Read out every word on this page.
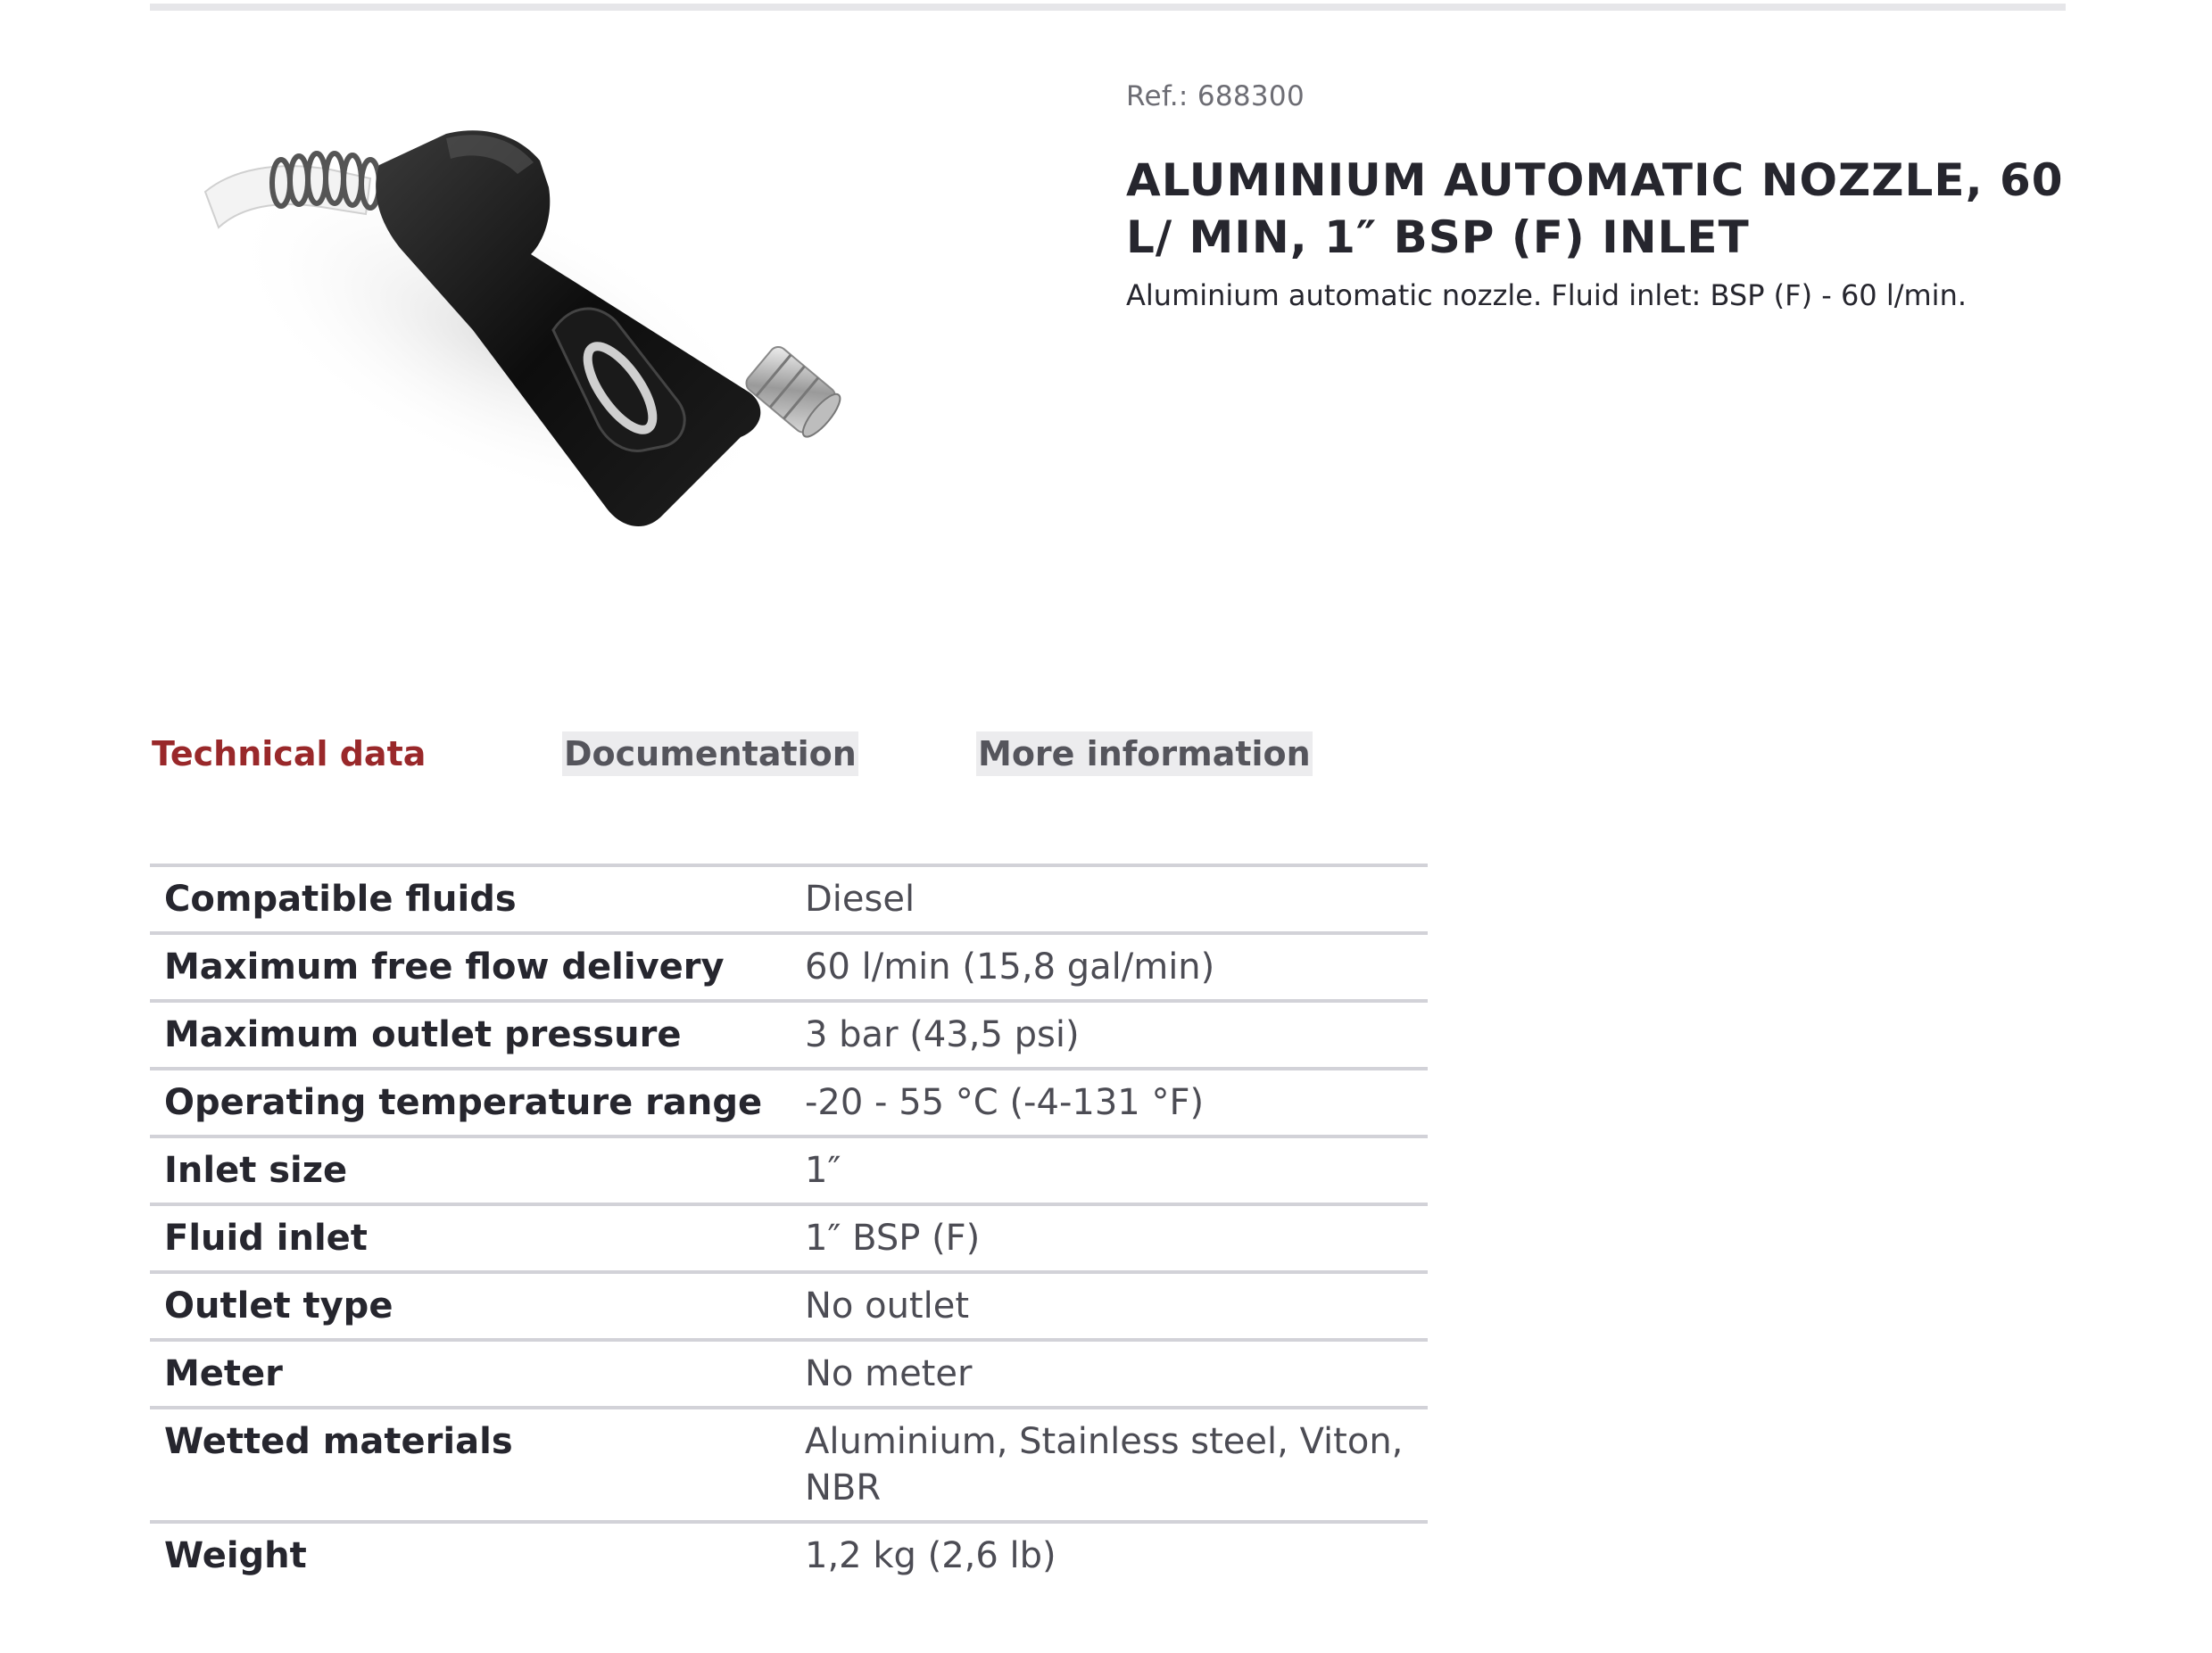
Ref.: 688300

ALUMINIUM AUTOMATIC NOZZLE, 60 L/ MIN, 1″ BSP (F) INLET

Aluminium automatic nozzle. Fluid inlet: BSP (F) - 60 l/min.

Technical data	Documentation	More information
Compatible fluids	Diesel
Maximum free flow delivery	60 l/min (15,8 gal/min)
Maximum outlet pressure	3 bar (43,5 psi)
Operating temperature range	-20 - 55 °C (-4-131 °F)
Inlet size	1″
Fluid inlet	1″ BSP (F)
Outlet type	No outlet
Meter	No meter
Wetted materials	Aluminium, Stainless steel, Viton, NBR
Weight	1,2 kg (2,6 lb)
